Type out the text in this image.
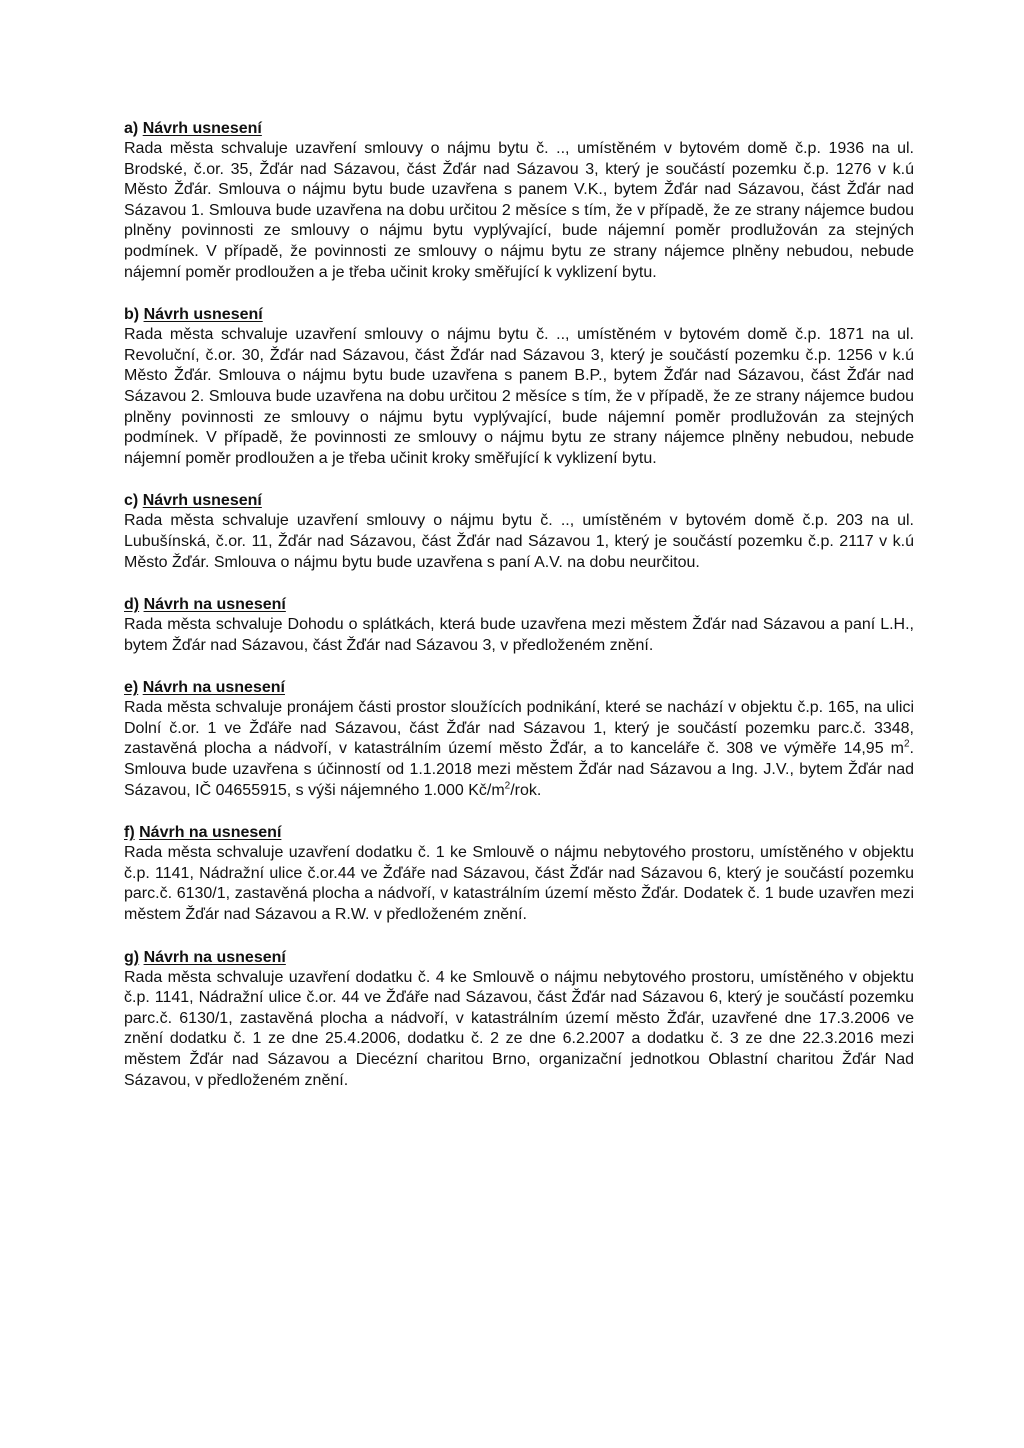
a) Návrh usnesení
Rada města schvaluje uzavření smlouvy o nájmu bytu č. .., umístěném v bytovém domě č.p. 1936 na ul. Brodské, č.or. 35, Žďár nad Sázavou, část Žďár nad Sázavou 3, který je součástí pozemku č.p. 1276 v k.ú Město Žďár. Smlouva o nájmu bytu bude uzavřena s panem V.K., bytem Žďár nad Sázavou, část Žďár nad Sázavou 1. Smlouva bude uzavřena na dobu určitou 2 měsíce s tím, že v případě, že ze strany nájemce budou plněny povinnosti ze smlouvy o nájmu bytu vyplývající, bude nájemní poměr prodlužován za stejných podmínek. V případě, že povinnosti ze smlouvy o nájmu bytu ze strany nájemce plněny nebudou, nebude nájemní poměr prodloužen a je třeba učinit kroky směřující k vyklizení bytu.
b) Návrh usnesení
Rada města schvaluje uzavření smlouvy o nájmu bytu č. .., umístěném v bytovém domě č.p. 1871 na ul. Revoluční, č.or. 30, Žďár nad Sázavou, část Žďár nad Sázavou 3, který je součástí pozemku č.p. 1256 v k.ú Město Žďár. Smlouva o nájmu bytu bude uzavřena s panem B.P., bytem Žďár nad Sázavou, část Žďár nad Sázavou 2. Smlouva bude uzavřena na dobu určitou 2 měsíce s tím, že v případě, že ze strany nájemce budou plněny povinnosti ze smlouvy o nájmu bytu vyplývající, bude nájemní poměr prodlužován za stejných podmínek. V případě, že povinnosti ze smlouvy o nájmu bytu ze strany nájemce plněny nebudou, nebude nájemní poměr prodloužen a je třeba učinit kroky směřující k vyklizení bytu.
c) Návrh usnesení
Rada města schvaluje uzavření smlouvy o nájmu bytu č. .., umístěném v bytovém domě č.p. 203 na ul. Lubušínská, č.or. 11, Žďár nad Sázavou, část Žďár nad Sázavou 1, který je součástí pozemku č.p. 2117 v k.ú Město Žďár. Smlouva o nájmu bytu bude uzavřena s paní A.V. na dobu neurčitou.
d) Návrh na usnesení
Rada města schvaluje Dohodu o splátkách, která bude uzavřena mezi městem Žďár nad Sázavou a paní L.H., bytem Žďár nad Sázavou, část Žďár nad Sázavou 3, v předloženém znění.
e) Návrh na usnesení
Rada města schvaluje pronájem části prostor sloužících podnikání, které se nachází v objektu č.p. 165, na ulici Dolní č.or. 1 ve Žďáře nad Sázavou, část Žďár nad Sázavou 1, který je součástí pozemku parc.č. 3348, zastavěná plocha a nádvoří, v katastrálním území město Žďár, a to kanceláře č. 308 ve výměře 14,95 $m^2$. Smlouva bude uzavřena s účinností od 1.1.2018 mezi městem Žďár nad Sázavou a Ing. J.V., bytem Žďár nad Sázavou, IČ 04655915, s výši nájemného 1.000 $Kč/m^2$/rok.
f) Návrh na usnesení
Rada města schvaluje uzavření dodatku č. 1 ke Smlouvě o nájmu nebytového prostoru, umístěného v objektu č.p. 1141, Nádražní ulice č.or.44 ve Žďáře nad Sázavou, část Žďár nad Sázavou 6, který je součástí pozemku parc.č. 6130/1, zastavěná plocha a nádvoří, v katastrálním území město Žďár. Dodatek č. 1 bude uzavřen mezi městem Žďár nad Sázavou a R.W. v předloženém znění.
g) Návrh na usnesení
Rada města schvaluje uzavření dodatku č. 4 ke Smlouvě o nájmu nebytového prostoru, umístěného v objektu č.p. 1141, Nádražní ulice č.or. 44 ve Žďáře nad Sázavou, část Žďár nad Sázavou 6, který je součástí pozemku parc.č. 6130/1, zastavěná plocha a nádvoří, v katastrálním území město Žďár, uzavřené dne 17.3.2006 ve znění dodatku č. 1 ze dne 25.4.2006, dodatku č. 2 ze dne 6.2.2007 a dodatku č. 3 ze dne 22.3.2016 mezi městem Žďár nad Sázavou a Diecézní charitou Brno, organizační jednotkou Oblastní charitou Žďár Nad Sázavou, v předloženém znění.
